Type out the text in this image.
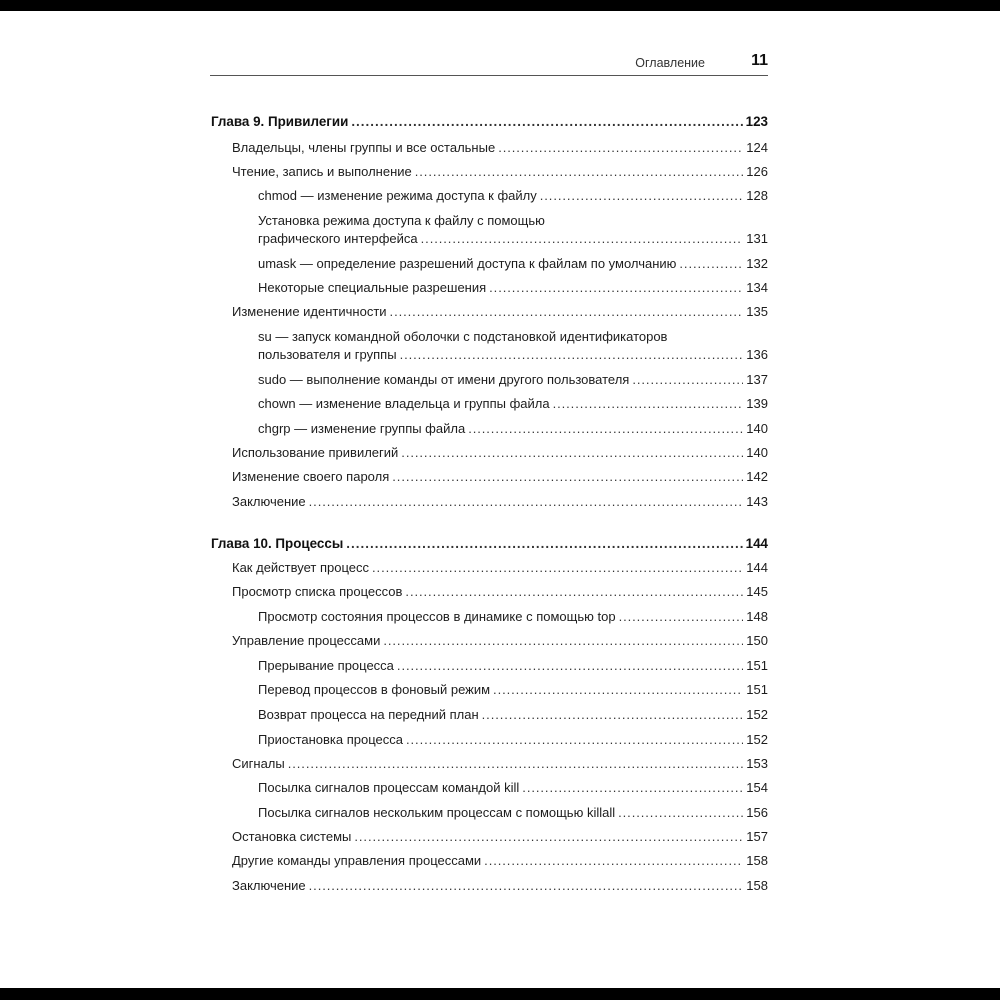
Оглавление	11
Глава 9. Привилегии . . .	123
Владельцы, члены группы и все остальные . . .	124
Чтение, запись и выполнение . . .	126
chmod — изменение режима доступа к файлу . . .	128
Установка режима доступа к файлу с помощью
графического интерфейса . . .	131
umask — определение разрешений доступа к файлам по умолчанию . . .	132
Некоторые специальные разрешения . . .	134
Изменение идентичности . . .	135
su — запуск командной оболочки с подстановкой идентификаторов
пользователя и группы . . .	136
sudo — выполнение команды от имени другого пользователя . . .	137
chown — изменение владельца и группы файла . . .	139
chgrp — изменение группы файла . . .	140
Использование привилегий . . .	140
Изменение своего пароля . . .	142
Заключение . . .	143
Глава 10. Процессы . . .	144
Как действует процесс . . .	144
Просмотр списка процессов . . .	145
Просмотр состояния процессов в динамике с помощью top . . .	148
Управление процессами . . .	150
Прерывание процесса . . .	151
Перевод процессов в фоновый режим . . .	151
Возврат процесса на передний план . . .	152
Приостановка процесса . . .	152
Сигналы . . .	153
Посылка сигналов процессам командой kill . . .	154
Посылка сигналов нескольким процессам с помощью killall . . .	156
Остановка системы . . .	157
Другие команды управления процессами . . .	158
Заключение . . .	158
